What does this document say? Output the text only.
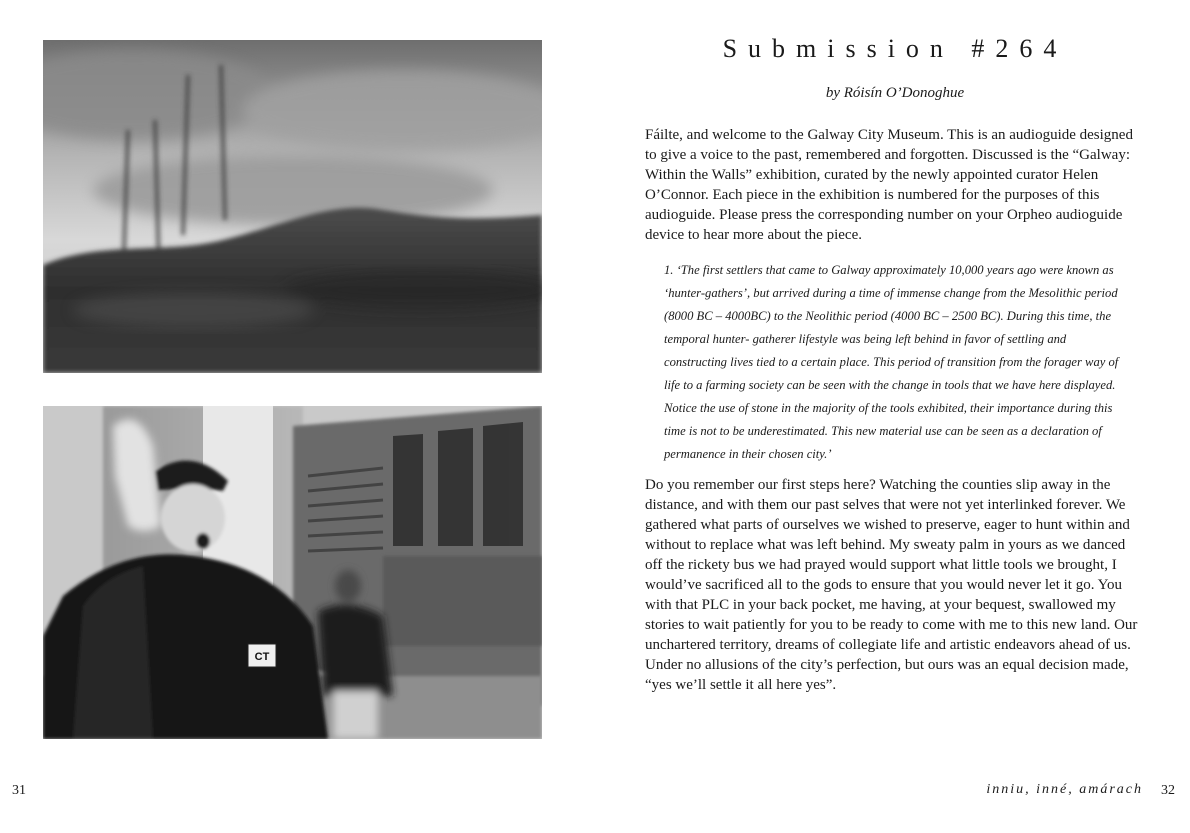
CT
Submission #264

by Róisín O’Donoghue

Fáilte, and welcome to the Galway City Museum. This is an audioguide designed to give a voice to the past, remembered and forgotten. Discussed is the “Galway: Within the Walls” exhibition, curated by the newly appointed curator Helen O’Connor. Each piece in the exhibition is numbered for the purposes of this audioguide. Please press the corresponding number on your Orpheo audioguide device to hear more about the piece.

1. ‘The first settlers that came to Galway approximately 10,000 years ago were known as ‘hunter-gathers’, but arrived during a time of immense change from the Mesolithic period (8000 BC – 4000BC) to the Neolithic period (4000 BC – 2500 BC). During this time, the temporal hunter- gatherer lifestyle was being left behind in favor of settling and constructing lives tied to a certain place. This period of transition from the forager way of life to a farming society can be seen with the change in tools that we have here displayed. Notice the use of stone in the majority of the tools exhibited, their importance during this time is not to be underestimated. This new material use can be seen as a declaration of permanence in their chosen city.’

Do you remember our first steps here? Watching the counties slip away in the distance, and with them our past selves that were not yet interlinked forever. We gathered what parts of ourselves we wished to preserve, eager to hunt within and without to replace what was left behind. My sweaty palm in yours as we danced off the rickety bus we had prayed would support what little tools we brought, I would’ve sacrificed all to the gods to ensure that you would never let it go. You with that PLC in your back pocket, me having, at your bequest, swallowed my stories to wait patiently for you to be ready to come with me to this new land. Our unchartered territory, dreams of collegiate life and artistic endeavors ahead of us. Under no allusions of the city’s perfection, but ours was an equal decision made, “yes we’ll settle it all here yes”.

31	inniu, inné, amárach 32
